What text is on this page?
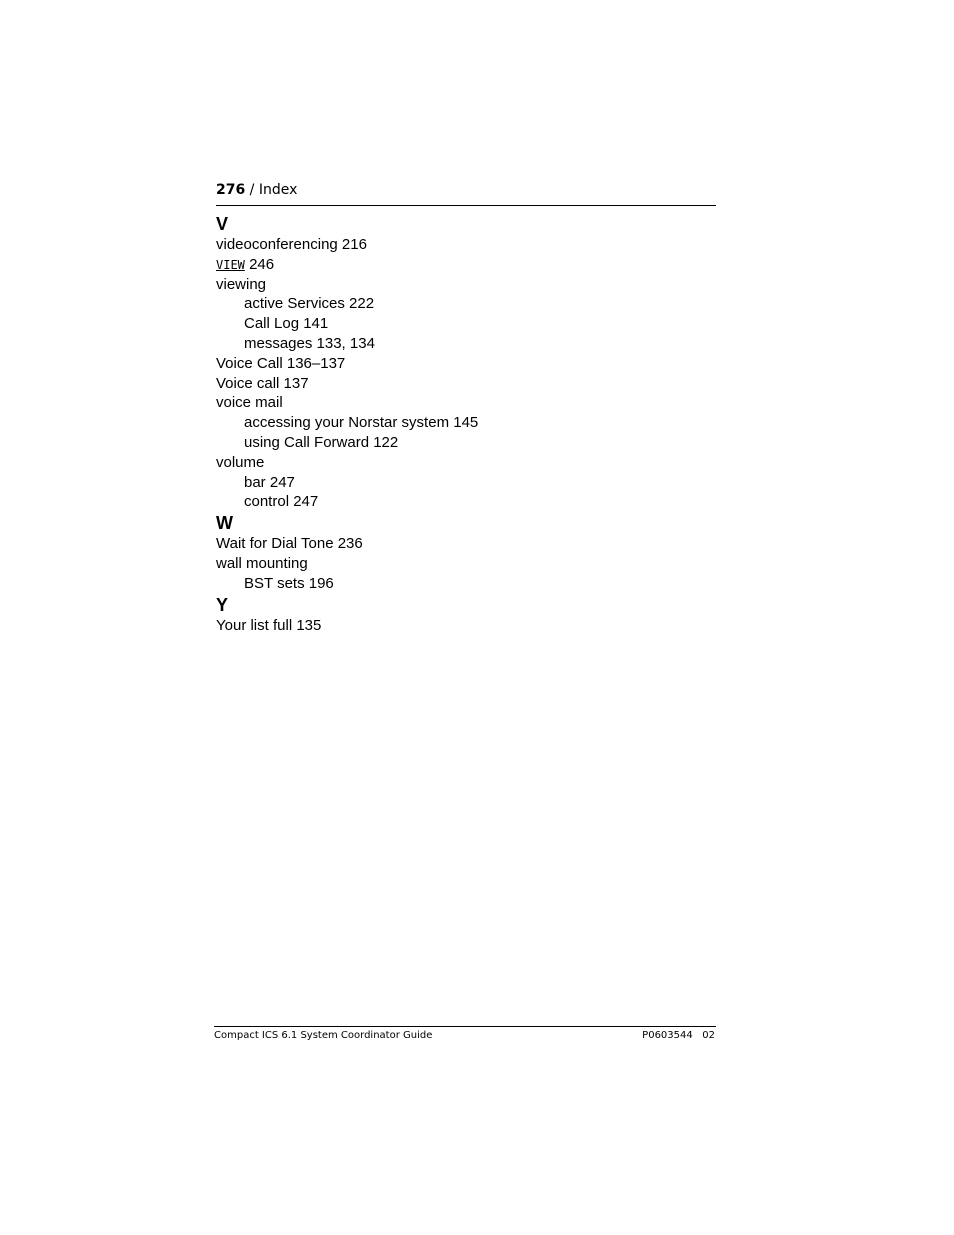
276 / Index
V
videoconferencing 216
VIEW 246
viewing
active Services 222
Call Log 141
messages 133, 134
Voice Call 136–137
Voice call 137
voice mail
accessing your Norstar system 145
using Call Forward 122
volume
bar 247
control 247
W
Wait for Dial Tone 236
wall mounting
BST sets 196
Y
Your list full 135
Compact ICS 6.1 System Coordinator Guide	P0603544   02
